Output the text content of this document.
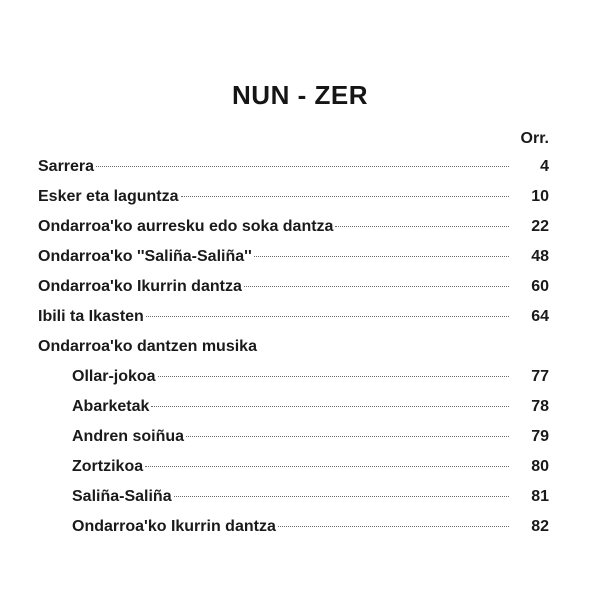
NUN - ZER
Orr.
Sarrera	4
Esker eta laguntza	10
Ondarroa'ko aurresku edo soka dantza	22
Ondarroa'ko ''Saliña-Saliña''	48
Ondarroa'ko Ikurrin dantza	60
Ibili ta Ikasten	64
Ondarroa'ko dantzen musika
Ollar-jokoa	77
Abarketak	78
Andren soiñua	79
Zortzikoa	80
Saliña-Saliña	81
Ondarroa'ko Ikurrin dantza	82
